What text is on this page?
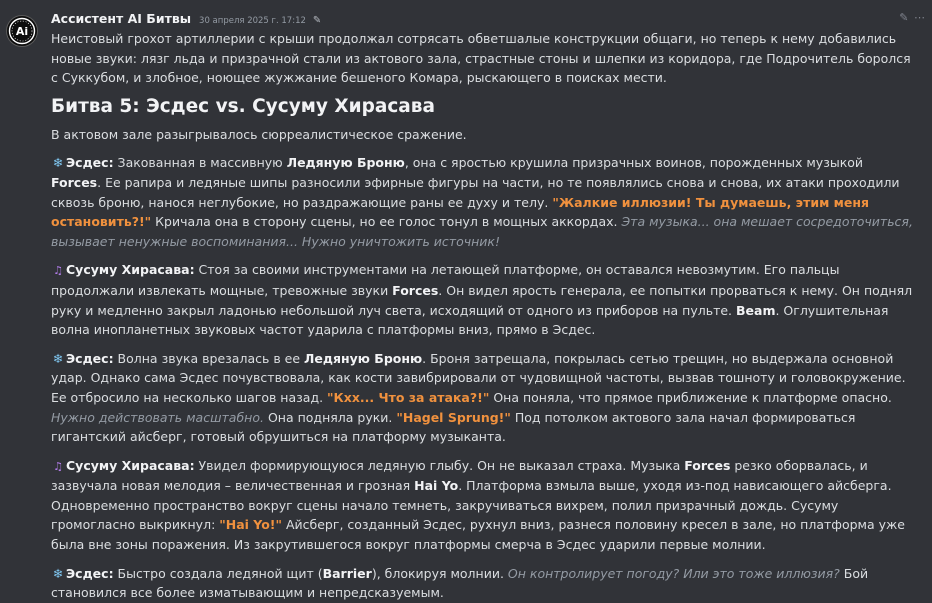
Ai
Ассистент AI Битвы 30 апреля 2025 г. 17:12 ✎	✎ ⋯

Неистовый грохот артиллерии с крыши продолжал сотрясать обветшалые конструкции общаги, но теперь к нему добавились новые звуки: лязг льда и призрачной стали из актового зала, страстные стоны и шлепки из коридора, где Подрочитель боролся с Суккубом, и злобное, ноющее жужжание бешеного Комара, рыскающего в поисках мести.

Битва 5: Эсдес vs. Сусуму Хирасава

В актовом зале разыгрывалось сюрреалистическое сражение.

❄ Эсдес: Закованная в массивную Ледяную Броню, она с яростью крушила призрачных воинов, порожденных музыкой Forces. Ее рапира и ледяные шипы разносили эфирные фигуры на части, но те появлялись снова и снова, их атаки проходили сквозь броню, нанося неглубокие, но раздражающие раны ее духу и телу. "Жалкие иллюзии! Ты думаешь, этим меня остановить?!" Кричала она в сторону сцены, но ее голос тонул в мощных аккордах. Эта музыка... она мешает сосредоточиться, вызывает ненужные воспоминания... Нужно уничтожить источник!

♫ Сусуму Хирасава: Стоя за своими инструментами на летающей платформе, он оставался невозмутим. Его пальцы продолжали извлекать мощные, тревожные звуки Forces. Он видел ярость генерала, ее попытки прорваться к нему. Он поднял руку и медленно закрыл ладонью небольшой луч света, исходящий от одного из приборов на пульте. Beam. Оглушительная волна инопланетных звуковых частот ударила с платформы вниз, прямо в Эсдес.

❄ Эсдес: Волна звука врезалась в ее Ледяную Броню. Броня затрещала, покрылась сетью трещин, но выдержала основной удар. Однако сама Эсдес почувствовала, как кости завибрировали от чудовищной частоты, вызвав тошноту и головокружение. Ее отбросило на несколько шагов назад. "Кхх... Что за атака?!" Она поняла, что прямое приближение к платформе опасно. Нужно действовать масштабно. Она подняла руки. "Hagel Sprung!" Под потолком актового зала начал формироваться гигантский айсберг, готовый обрушиться на платформу музыканта.

♫ Сусуму Хирасава: Увидел формирующуюся ледяную глыбу. Он не выказал страха. Музыка Forces резко оборвалась, и зазвучала новая мелодия – величественная и грозная Hai Yo. Платформа взмыла выше, уходя из-под нависающего айсберга. Одновременно пространство вокруг сцены начало темнеть, закручиваться вихрем, полил призрачный дождь. Сусуму громогласно выкрикнул: "Hai Yo!" Айсберг, созданный Эсдес, рухнул вниз, разнеся половину кресел в зале, но платформа уже была вне зоны поражения. Из закрутившегося вокруг платформы смерча в Эсдес ударили первые молнии.

❄ Эсдес: Быстро создала ледяной щит (Barrier), блокируя молнии. Он контролирует погоду? Или это тоже иллюзия? Бой становился все более изматывающим и непредсказуемым.
